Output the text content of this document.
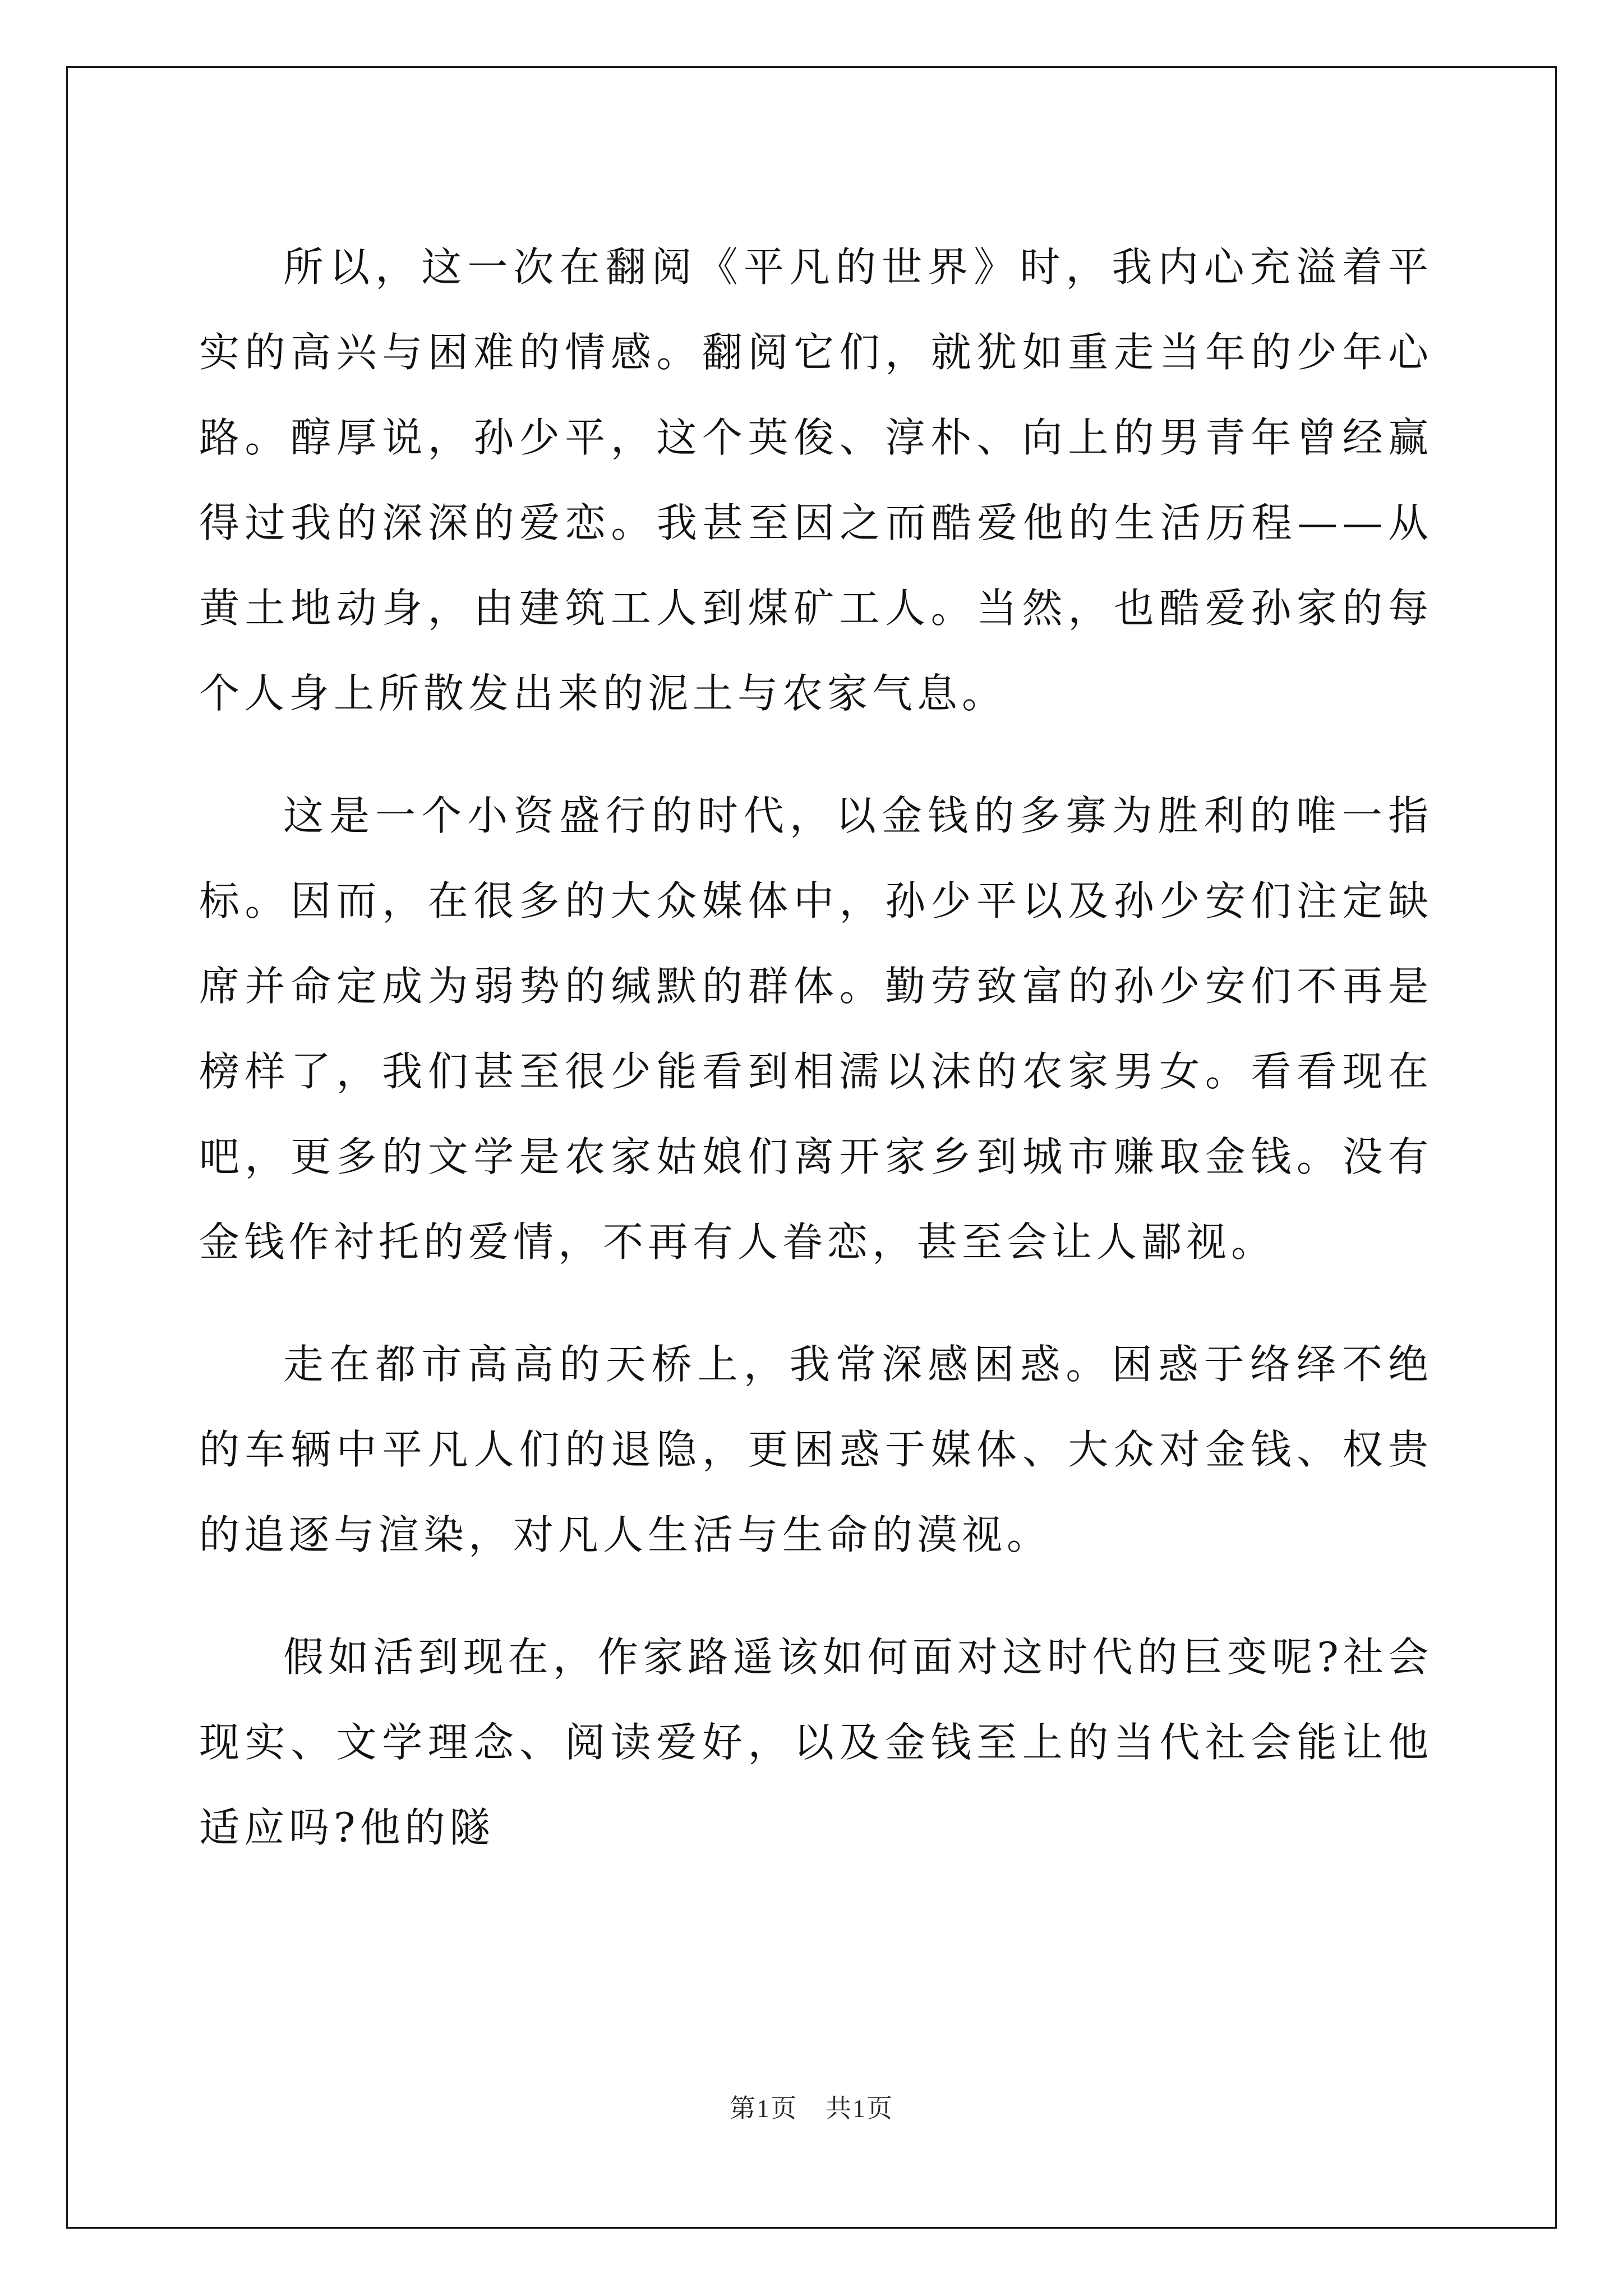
所以，这一次在翻阅《平凡的世界》时，我内心充溢着平实的高兴与困难的情感。翻阅它们，就犹如重走当年的少年心路。醇厚说，孙少平，这个英俊、淳朴、向上的男青年曾经赢得过我的深深的爱恋。我甚至因之而酷爱他的生活历程——从黄土地动身，由建筑工人到煤矿工人。当然，也酷爱孙家的每个人身上所散发出来的泥土与农家气息。

这是一个小资盛行的时代，以金钱的多寡为胜利的唯一指标。因而，在很多的大众媒体中，孙少平以及孙少安们注定缺席并命定成为弱势的缄默的群体。勤劳致富的孙少安们不再是榜样了，我们甚至很少能看到相濡以沫的农家男女。看看现在吧，更多的文学是农家姑娘们离开家乡到城市赚取金钱。没有金钱作衬托的爱情，不再有人眷恋，甚至会让人鄙视。

走在都市高高的天桥上，我常深感困惑。困惑于络绎不绝的车辆中平凡人们的退隐，更困惑于媒体、大众对金钱、权贵的追逐与渲染，对凡人生活与生命的漠视。

假如活到现在，作家路遥该如何面对这时代的巨变呢?社会现实、文学理念、阅读爱好，以及金钱至上的当代社会能让他适应吗?他的隧

第1页 共1页
